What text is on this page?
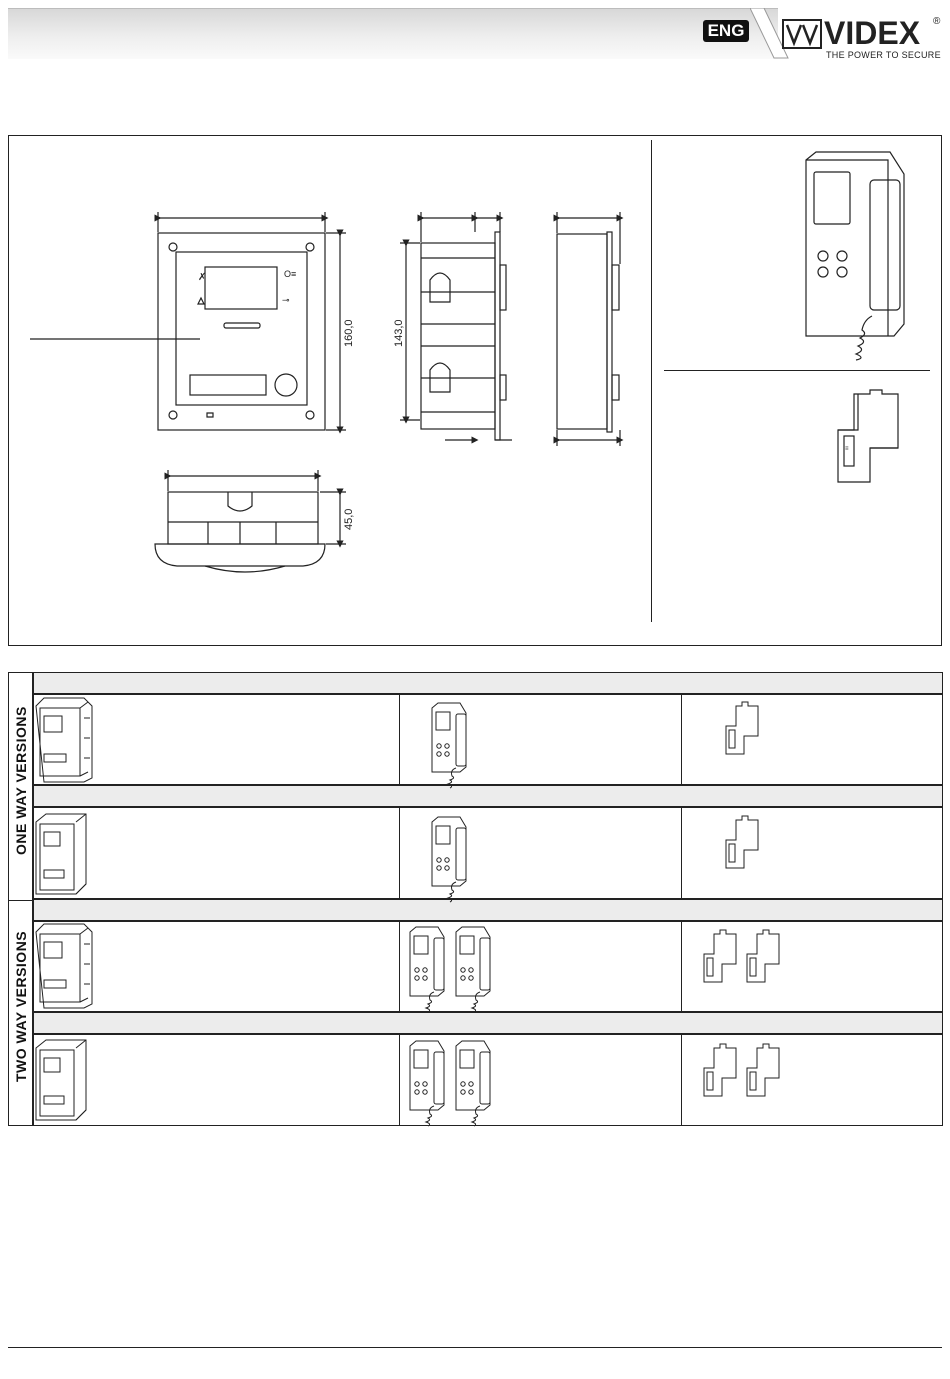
ENG VIDEX ®
THE POWER TO SECURE
✗	O≡
⊸
≡
160,0	143,0
45,0
ONE WAY VERSIONS
TWO WAY VERSIONS
